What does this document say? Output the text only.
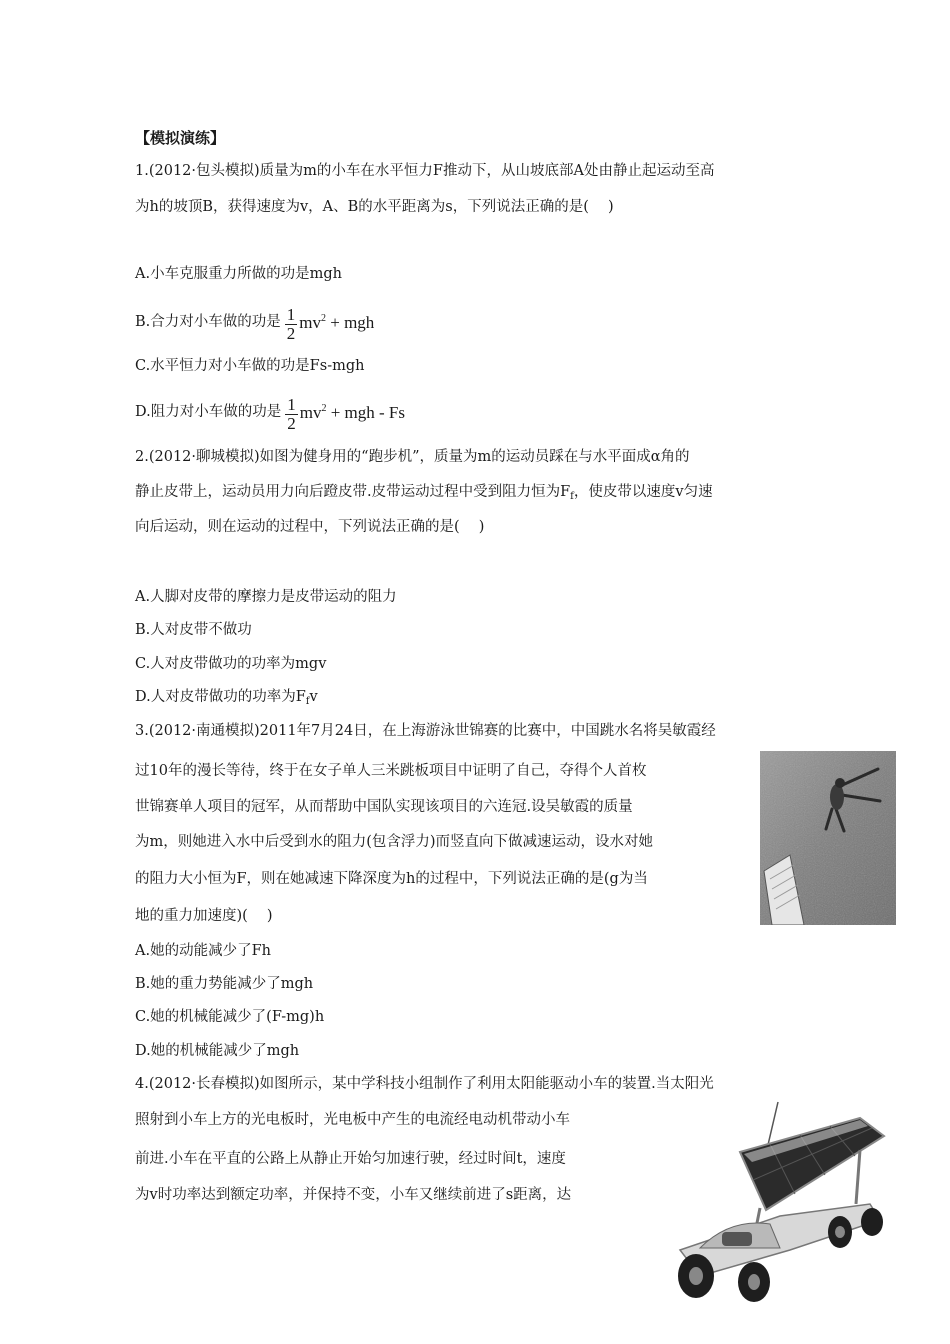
【模拟演练】
1.(2012·包头模拟)质量为m的小车在水平恒力F推动下，从山坡底部A处由静止起运动至高
为h的坡顶B，获得速度为v，A、B的水平距离为s，下列说法正确的是(　 )
A.小车克服重力所做的功是mgh
B.合力对小车做的功是 $\frac{1}{2} mv^2$ + mgh
C.水平恒力对小车做的功是Fs-mgh
D.阻力对小车做的功是 $\frac{1}{2} mv^2$ + mgh - Fs
2.(2012·聊城模拟)如图为健身用的“跑步机”，质量为m的运动员踩在与水平面成α角的
静止皮带上，运动员用力向后蹬皮带.皮带运动过程中受到阻力恒为$F_f$，使皮带以速度v匀速
向后运动，则在运动的过程中，下列说法正确的是(　 )
A.人脚对皮带的摩擦力是皮带运动的阻力
B.人对皮带不做功
C.人对皮带做功的功率为mgv
D.人对皮带做功的功率为$F_fv$
3.(2012·南通模拟)2011年7月24日，在上海游泳世锦赛的比赛中，中国跳水名将吴敏霞经
过10年的漫长等待，终于在女子单人三米跳板项目中证明了自己，夺得个人首枚
世锦赛单人项目的冠军，从而帮助中国队实现该项目的六连冠.设吴敏霞的质量
为m，则她进入水中后受到水的阻力(包含浮力)而竖直向下做减速运动，设水对她
的阻力大小恒为F，则在她减速下降深度为h的过程中，下列说法正确的是(g为当
地的重力加速度)(　 )
A.她的动能减少了Fh
B.她的重力势能减少了mgh
C.她的机械能减少了(F-mg)h
D.她的机械能减少了mgh
4.(2012·长春模拟)如图所示，某中学科技小组制作了利用太阳能驱动小车的装置.当太阳光
照射到小车上方的光电板时，光电板中产生的电流经电动机带动小车
前进.小车在平直的公路上从静止开始匀加速行驶，经过时间t，速度
为v时功率达到额定功率，并保持不变，小车又继续前进了s距离，达
